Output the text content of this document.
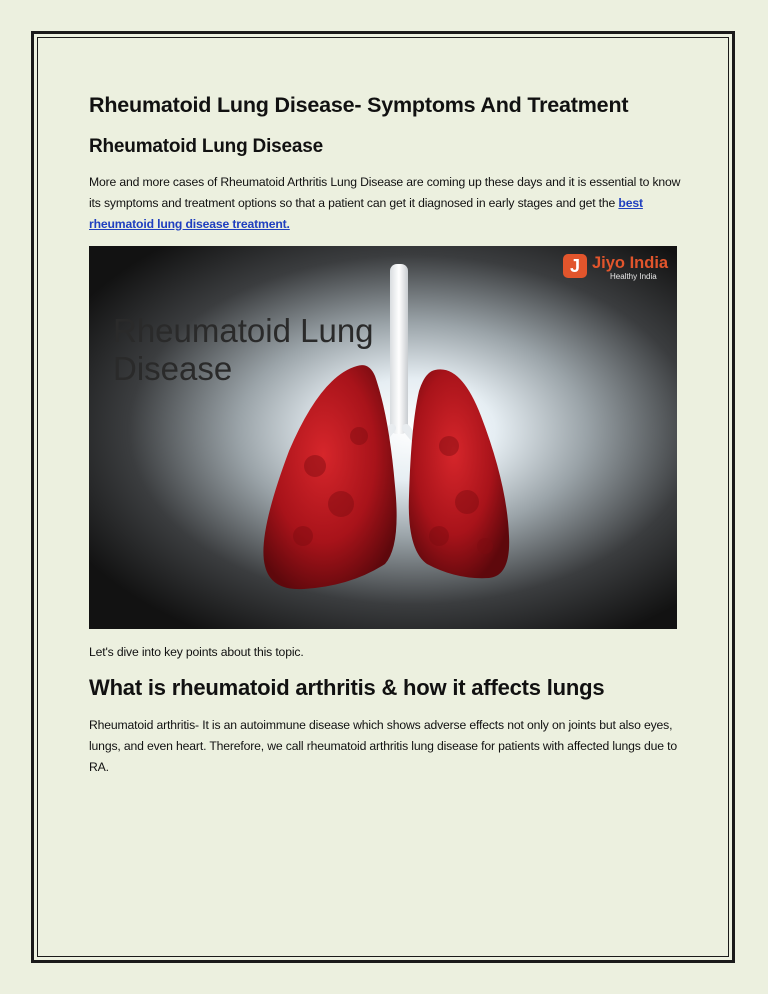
Rheumatoid Lung Disease- Symptoms And Treatment
Rheumatoid Lung Disease

More and more cases of Rheumatoid Arthritis Lung Disease are coming up these days and it is essential to know its symptoms and treatment options so that a patient can get it diagnosed in early stages and get the best rheumatoid lung disease treatment.

Rheumatoid Lung
Disease
J Jiyo India
Healthy India

Let's dive into key points about this topic.

What is rheumatoid arthritis & how it affects lungs

Rheumatoid arthritis- It is an autoimmune disease which shows adverse effects not only on joints but also eyes, lungs, and even heart. Therefore, we call rheumatoid arthritis lung disease for patients with affected lungs due to RA.
